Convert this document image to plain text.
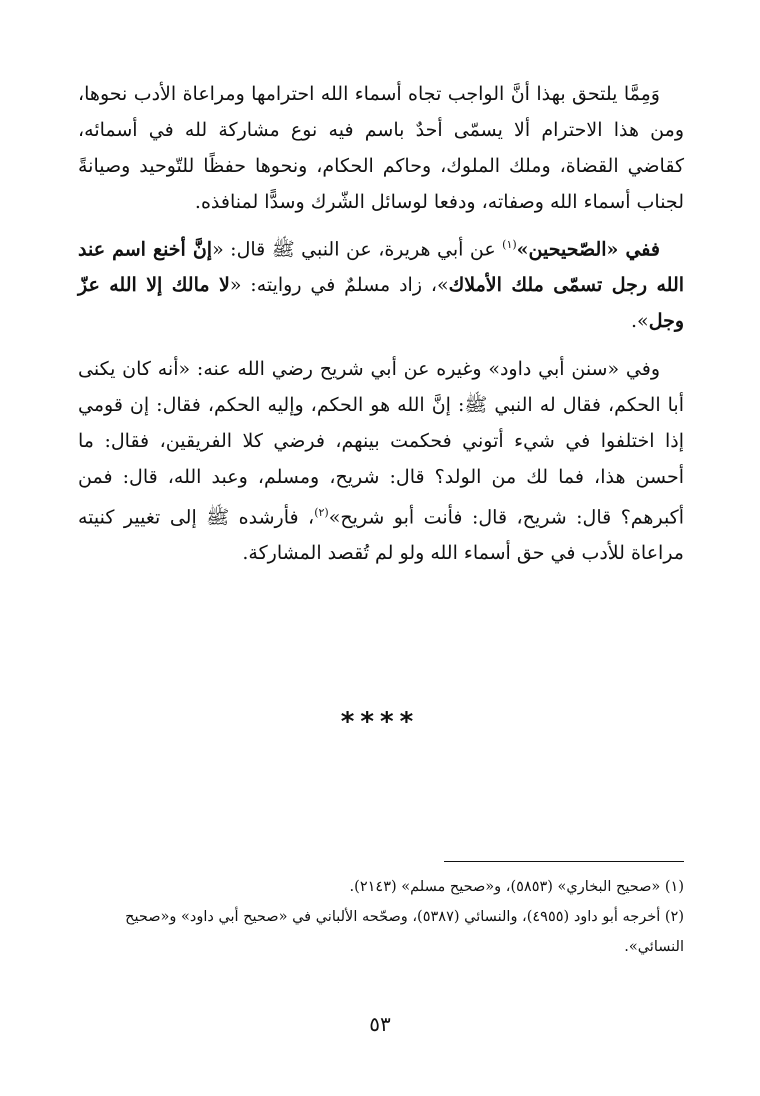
وَمِمَّا يلتحق بهذا أنَّ الواجب تجاه أسماء الله احترامها ومراعاة الأدب نحوها، ومن هذا الاحترام ألا يسمّى أحدٌ باسم فيه نوع مشاركة لله في أسمائه، كقاضي القضاة، وملك الملوك، وحاكم الحكام، ونحوها حفظًا للتّوحيد وصيانةً لجناب أسماء الله وصفاته، ودفعا لوسائل الشّرك وسدًّا لمنافذه.

ففي «الصّحيحين»$^{(١)}$ عن أبي هريرة، عن النبي ﷺ قال: «إنَّ أخنع اسم عند الله رجل تسمّى ملك الأملاك»، زاد مسلمٌ في روايته: «لا مالك إلا الله عزّ وجل».

وفي «سنن أبي داود» وغيره عن أبي شريح رضي الله عنه: «أنه كان يكنى أبا الحكم، فقال له النبي ﷺ: إنَّ الله هو الحكم، وإليه الحكم، فقال: إن قومي إذا اختلفوا في شيء أتوني فحكمت بينهم، فرضي كلا الفريقين، فقال: ما أحسن هذا، فما لك من الولد؟ قال: شريح، ومسلم، وعبد الله، قال: فمن أكبرهم؟ قال: شريح، قال: فأنت أبو شريح»$^{(٢)}$، فأرشده ﷺ إلى تغيير كنيته مراعاة للأدب في حق أسماء الله ولو لم تُقصد المشاركة.

****

(١) «صحيح البخاري» (٥٨٥٣)، و«صحيح مسلم» (٢١٤٣).

(٢) أخرجه أبو داود (٤٩٥٥)، والنسائي (٥٣٨٧)، وصحّحه الألباني في «صحيح أبي داود» و«صحيح النسائي».

٥٣
